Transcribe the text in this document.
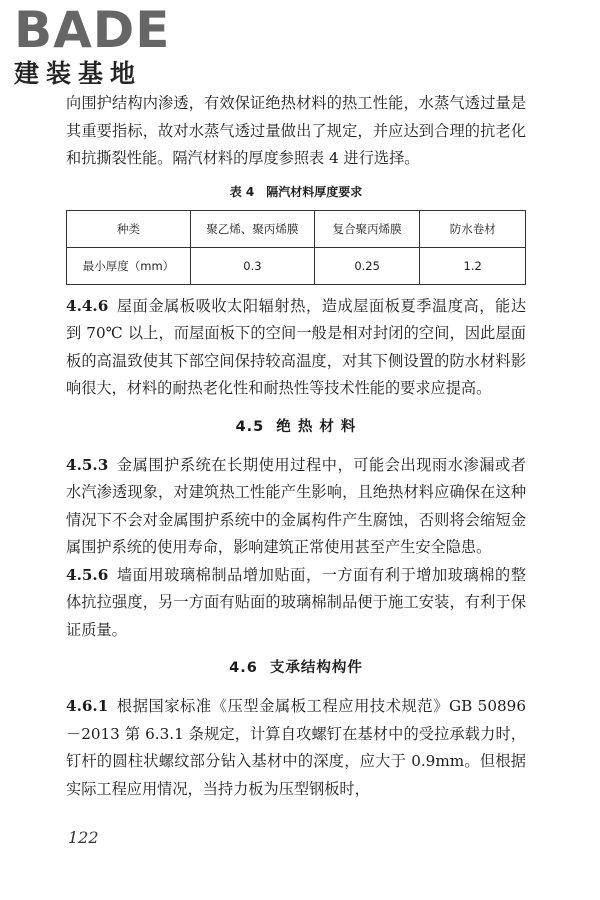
BADE
建装基地

向围护结构内渗透，有效保证绝热材料的热工性能，水蒸气透过量是其重要指标，故对水蒸气透过量做出了规定，并应达到合理的抗老化和抗撕裂性能。隔汽材料的厚度参照表 4 进行选择。

表 4　隔汽材料厚度要求
种类	聚乙烯、聚丙烯膜	复合聚丙烯膜	防水卷材
最小厚度（mm）	0.3	0.25	1.2

4.4.6 屋面金属板吸收太阳辐射热，造成屋面板夏季温度高，能达到 70℃ 以上，而屋面板下的空间一般是相对封闭的空间，因此屋面板的高温致使其下部空间保持较高温度，对其下侧设置的防水材料影响很大，材料的耐热老化性和耐热性等技术性能的要求应提高。

4.5 绝 热 材 料

4.5.3 金属围护系统在长期使用过程中，可能会出现雨水渗漏或者水汽渗透现象，对建筑热工性能产生影响，且绝热材料应确保在这种情况下不会对金属围护系统中的金属构件产生腐蚀，否则将会缩短金属围护系统的使用寿命，影响建筑正常使用甚至产生安全隐患。

4.5.6 墙面用玻璃棉制品增加贴面，一方面有利于增加玻璃棉的整体抗拉强度，另一方面有贴面的玻璃棉制品便于施工安装，有利于保证质量。

4.6 支承结构构件

4.6.1 根据国家标准《压型金属板工程应用技术规范》GB 50896－2013 第 6.3.1 条规定，计算自攻螺钉在基材中的受拉承载力时，钉杆的圆柱状螺纹部分钻入基材中的深度，应大于 0.9mm。但根据实际工程应用情况，当持力板为压型钢板时，

122
